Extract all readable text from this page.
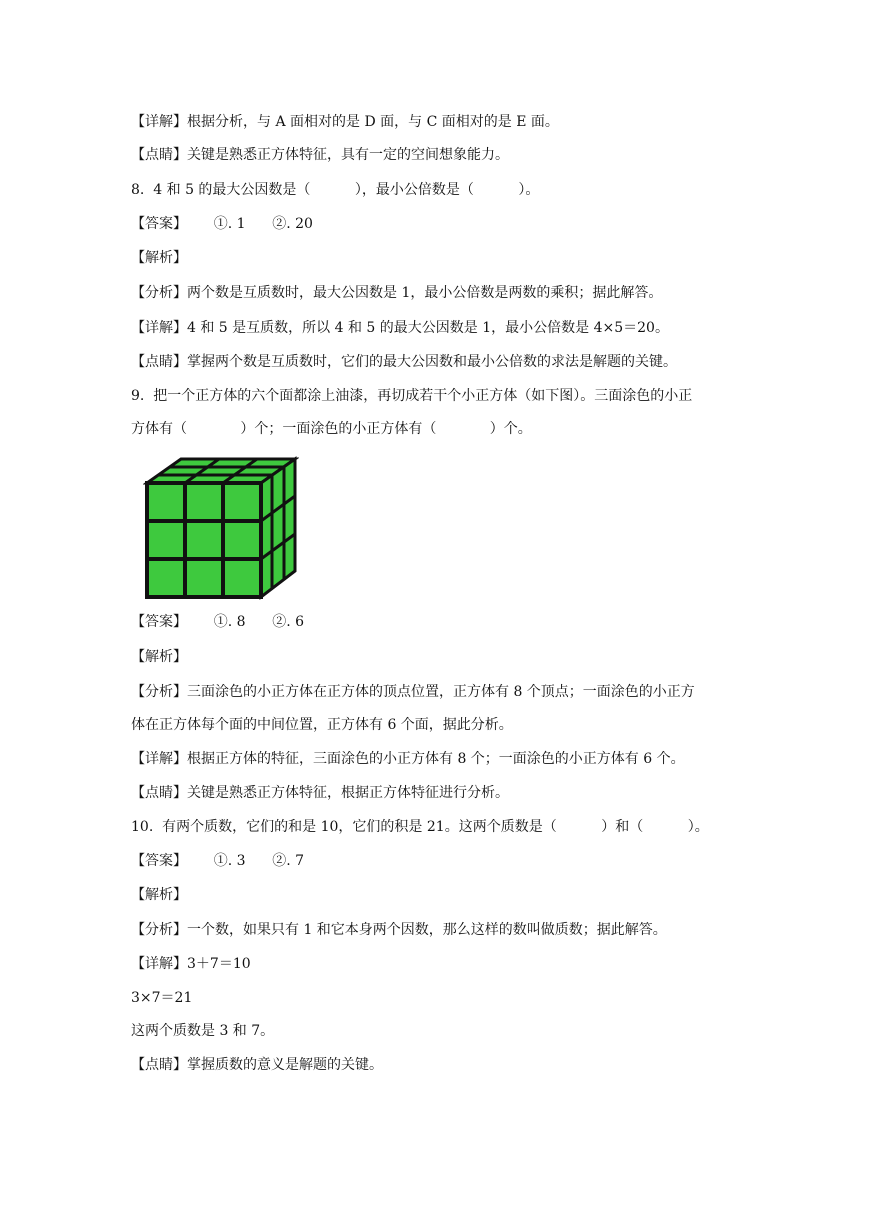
【详解】根据分析，与 A 面相对的是 D 面，与 C 面相对的是 E 面。
【点睛】关键是熟悉正方体特征，具有一定的空间想象能力。
8.  4 和 5 的最大公因数是（          ），最小公倍数是（          ）。
【答案】      ①. 1      ②. 20
【解析】
【分析】两个数是互质数时，最大公因数是 1，最小公倍数是两数的乘积；据此解答。
【详解】4 和 5 是互质数，所以 4 和 5 的最大公因数是 1，最小公倍数是 4×5＝20。
【点睛】掌握两个数是互质数时，它们的最大公因数和最小公倍数的求法是解题的关键。
9.  把一个正方体的六个面都涂上油漆，再切成若干个小正方体（如下图）。三面涂色的小正
方体有（            ）个；一面涂色的小正方体有（            ）个。
【答案】      ①. 8      ②. 6
【解析】
【分析】三面涂色的小正方体在正方体的顶点位置，正方体有 8 个顶点；一面涂色的小正方
体在正方体每个面的中间位置，正方体有 6 个面，据此分析。
【详解】根据正方体的特征，三面涂色的小正方体有 8 个；一面涂色的小正方体有 6 个。
【点睛】关键是熟悉正方体特征，根据正方体特征进行分析。
10.  有两个质数，它们的和是 10，它们的积是 21。这两个质数是（          ）和（          ）。
【答案】      ①. 3      ②. 7
【解析】
【分析】一个数，如果只有 1 和它本身两个因数，那么这样的数叫做质数；据此解答。
【详解】3＋7＝10
3×7＝21
这两个质数是 3 和 7。
【点睛】掌握质数的意义是解题的关键。
